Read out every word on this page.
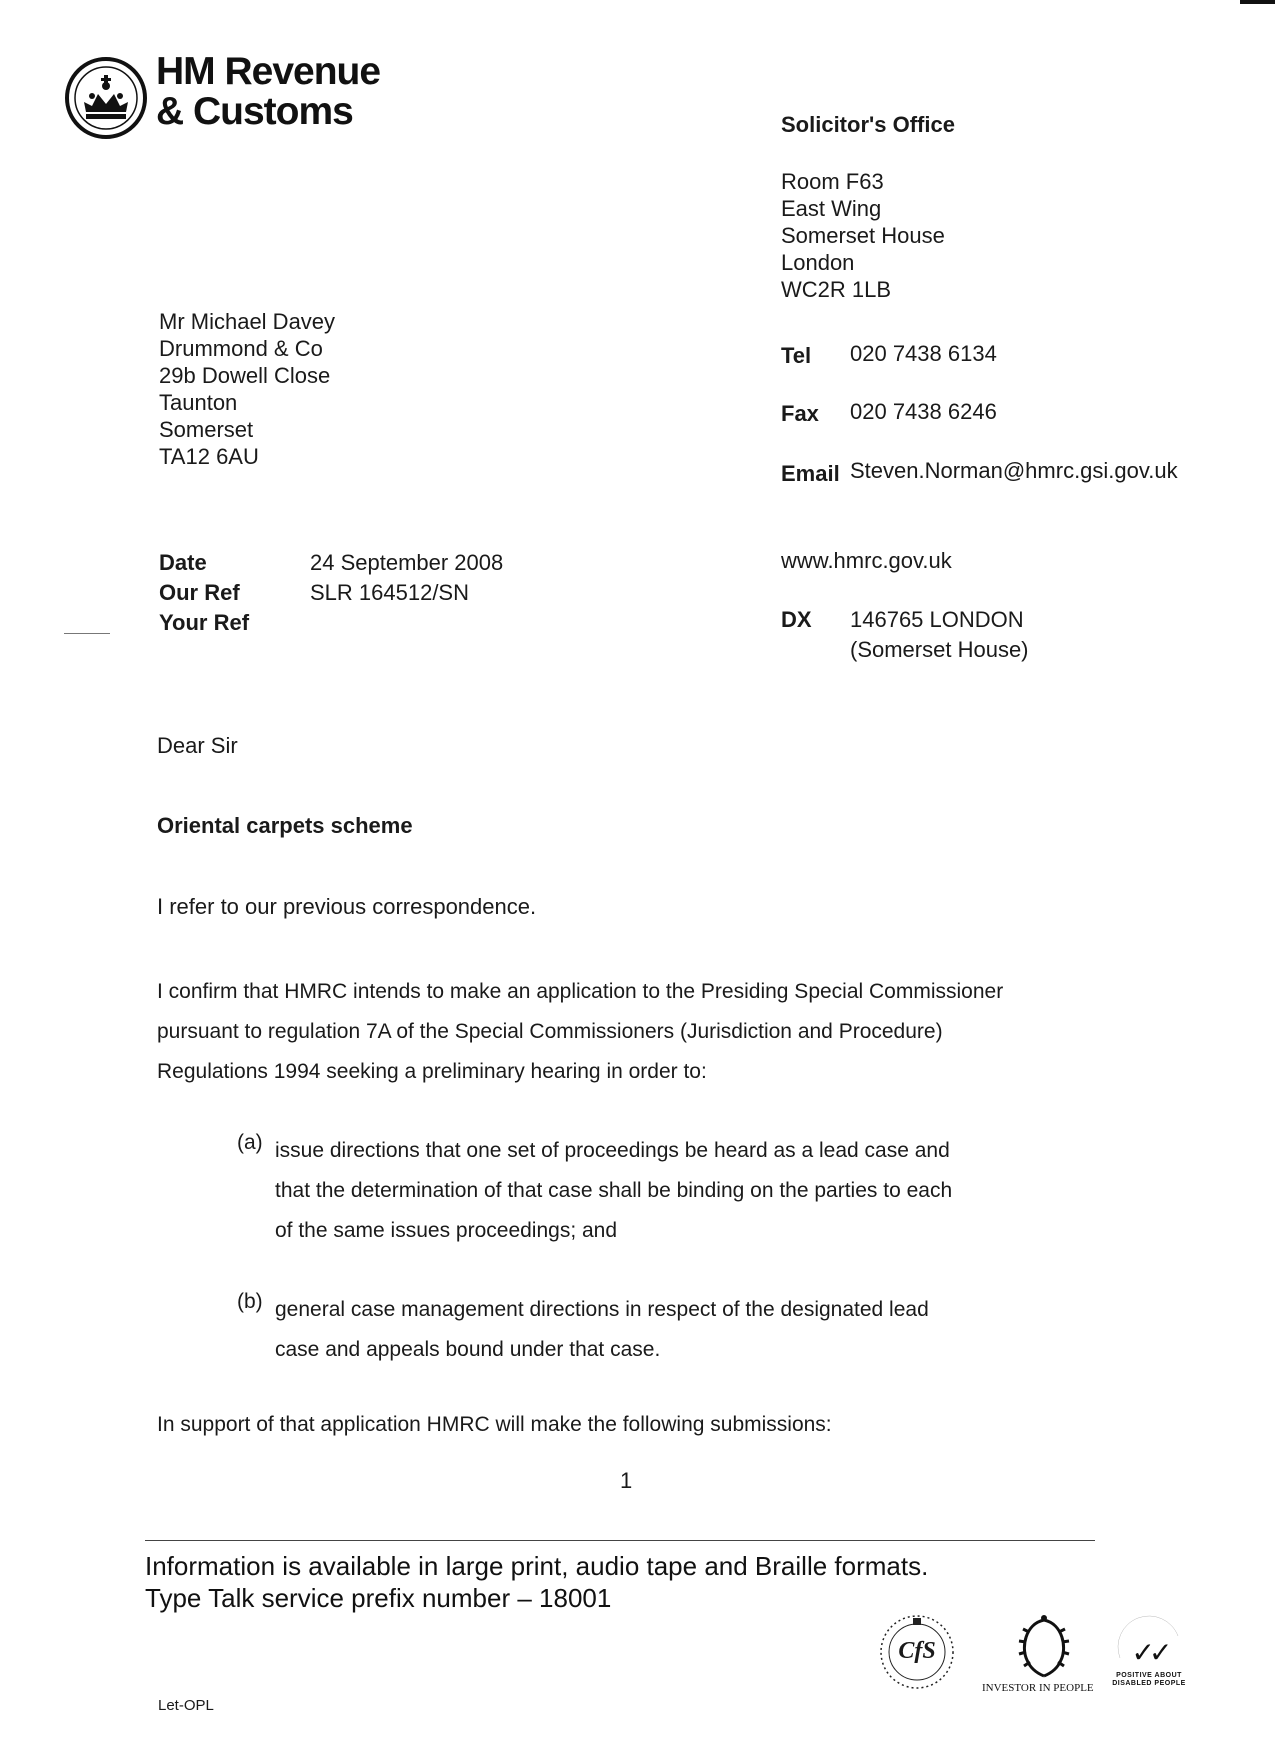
HM Revenue
& Customs	Solicitor's Office
Room F63
East Wing
Somerset House
London
WC2R 1LB
Tel 020 7438 6134
Fax 020 7438 6246
Email Steven.Norman@hmrc.gsi.gov.uk
www.hmrc.gov.uk
DX 146765 LONDON
(Somerset House)
Mr Michael Davey
Drummond & Co
29b Dowell Close
Taunton
Somerset
TA12 6AU
Date
Our Ref
Your Ref
24 September 2008
SLR 164512/SN
Dear Sir
Oriental carpets scheme
I refer to our previous correspondence.
I confirm that HMRC intends to make an application to the Presiding Special Commissioner
pursuant to regulation 7A of the Special Commissioners (Jurisdiction and Procedure)
Regulations 1994 seeking a preliminary hearing in order to:
(a) issue directions that one set of proceedings be heard as a lead case and
that the determination of that case shall be binding on the parties to each
of the same issues proceedings; and
(b) general case management directions in respect of the designated lead
case and appeals bound under that case.
In support of that application HMRC will make the following submissions:
1
Information is available in large print, audio tape and Braille formats.
Type Talk service prefix number – 18001
Let-OPL
CfS
INVESTOR IN PEOPLE
✓✓
POSITIVE ABOUT DISABLED PEOPLE
